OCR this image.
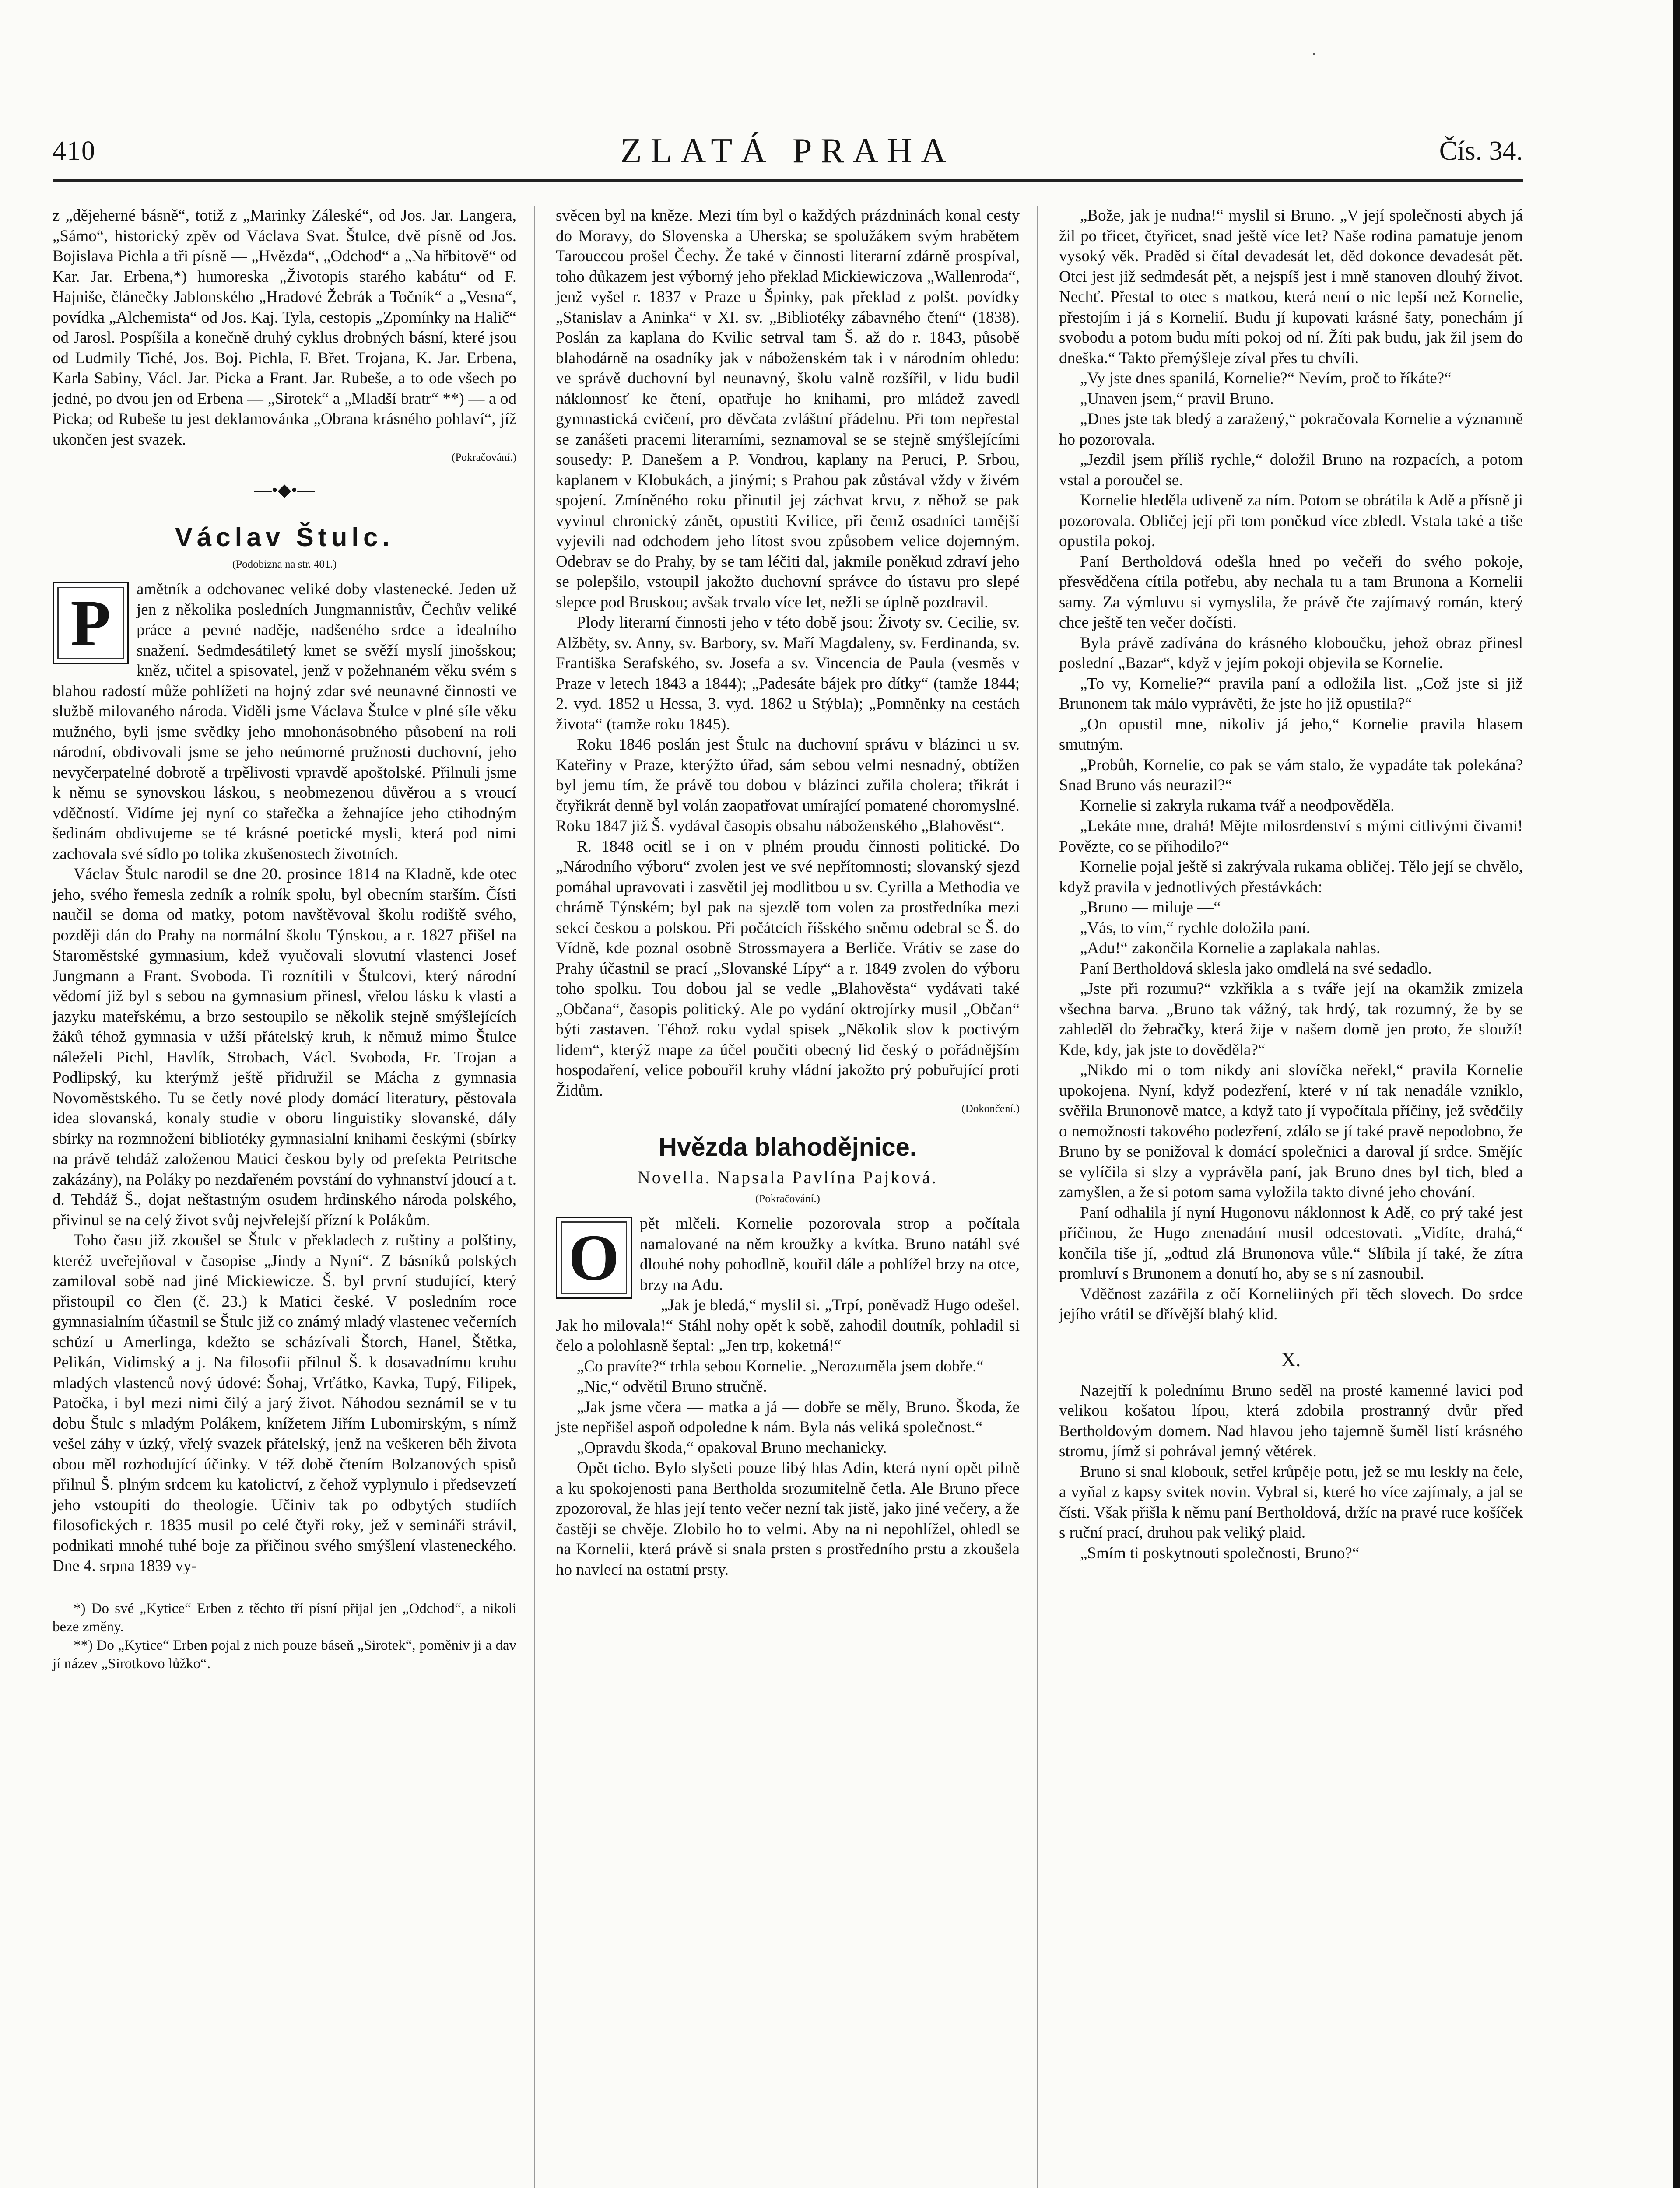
410	ZLATÁ PRAHA	Čís. 34.

z „dějeherné básně“, totiž z „Marinky Záleské“, od Jos. Jar. Langera, „Sámo“, historický zpěv od Václava Svat. Štulce, dvě písně od Jos. Bojislava Pichla a tři písně — „Hvězda“, „Odchod“ a „Na hřbitově“ od Kar. Jar. Erbena,*) humoreska „Životopis starého kabátu“ od F. Hajniše, článečky Jablonského „Hradové Žebrák a Točník“ a „Vesna“, povídka „Alchemista“ od Jos. Kaj. Tyla, cestopis „Zpomínky na Halič“ od Jarosl. Pospíšila a konečně druhý cyklus drobných básní, které jsou od Ludmily Tiché, Jos. Boj. Pichla, F. Břet. Trojana, K. Jar. Erbena, Karla Sabiny, Václ. Jar. Picka a Frant. Jar. Rubeše, a to ode všech po jedné, po dvou jen od Erbena — „Sirotek“ a „Mladší bratr“ **) — a od Picka; od Rubeše tu jest deklamovánka „Obrana krásného pohlaví“, jíž ukončen jest svazek.

(Pokračování.)
—•◆•—
Václav Štulc.
(Podobizna na str. 401.)
P	amětník a odchovanec veliké doby vlastenecké. Jeden už jen z několika posledních Jungmannistův, Čechův veliké práce a pevné naděje, nadšeného srdce a idealního snažení. Sedmdesátiletý kmet se svěží myslí jinošskou; kněz, učitel a spisovatel, jenž v požehnaném věku svém s blahou radostí může pohlížeti na hojný zdar své neunavné činnosti ve službě milovaného národa. Viděli jsme Václava Štulce v plné síle věku mužného, byli jsme svědky jeho mnohonásobného působení na roli národní, obdivovali jsme se jeho neúmorné pružnosti duchovní, jeho nevyčerpatelné dobrotě a trpělivosti vpravdě apoštolské. Přilnuli jsme k němu se synovskou láskou, s neobmezenou důvěrou a s vroucí vděčností. Vidíme jej nyní co stařečka a žehnajíce jeho ctihodným šedinám obdivujeme se té krásné poetické mysli, která pod nimi zachovala své sídlo po tolika zkušenostech životních.

Václav Štulc narodil se dne 20. prosince 1814 na Kladně, kde otec jeho, svého řemesla zedník a rolník spolu, byl obecním starším. Čísti naučil se doma od matky, potom navštěvoval školu rodiště svého, později dán do Prahy na normální školu Týnskou, a r. 1827 přišel na Staroměstské gymnasium, kdež vyučovali slovutní vlastenci Josef Jungmann a Frant. Svoboda. Ti roznítili v Štulcovi, který národní vědomí již byl s sebou na gymnasium přinesl, vřelou lásku k vlasti a jazyku mateřskému, a brzo sestoupilo se několik stejně smýšlejících žáků téhož gymnasia v užší přátelský kruh, k němuž mimo Štulce náleželi Pichl, Havlík, Strobach, Václ. Svoboda, Fr. Trojan a Podlipský, ku kterýmž ještě přidružil se Mácha z gymnasia Novoměstského. Tu se četly nové plody domácí literatury, pěstovala idea slovanská, konaly studie v oboru linguistiky slovanské, dály sbírky na rozmnožení bibliotéky gymnasialní knihami českými (sbírky na právě tehdáž založenou Matici českou byly od prefekta Petritsche zakázány), na Poláky po nezdařeném povstání do vyhnanství jdoucí a t. d. Tehdáž Š., dojat neštastným osudem hrdinského národa polského, přivinul se na celý život svůj nejvřelejší přízní k Polákům.

Toho času již zkoušel se Štulc v překladech z ruštiny a polštiny, kteréž uveřejňoval v časopise „Jindy a Nyní“. Z básníků polských zamiloval sobě nad jiné Mickiewicze. Š. byl první studující, který přistoupil co člen (č. 23.) k Matici české. V posledním roce gymnasialním účastnil se Štulc již co známý mladý vlastenec večerních schůzí u Amerlinga, kdežto se scházívali Štorch, Hanel, Štětka, Pelikán, Vidimský a j. Na filosofii přilnul Š. k dosavadnímu kruhu mladých vlastenců nový údové: Šohaj, Vrťátko, Kavka, Tupý, Filipek, Patočka, i byl mezi nimi čilý a jarý život. Náhodou seznámil se v tu dobu Štulc s mladým Polákem, knížetem Jiřím Lubomirským, s nímž vešel záhy v úzký, vřelý svazek přátelský, jenž na veškeren běh života obou měl rozhodující účinky. V též době čtením Bolzanových spisů přilnul Š. plným srdcem ku katolictví, z čehož vyplynulo i předsevzetí jeho vstoupiti do theologie. Učiniv tak po odbytých studiích filosofických r. 1835 musil po celé čtyři roky, jež v semináři strávil, podnikati mnohé tuhé boje za přičinou svého smýšlení vlasteneckého. Dne 4. srpna 1839 vy-

*) Do své „Kytice“ Erben z těchto tří písní přijal jen „Odchod“, a nikoli beze změny.

**) Do „Kytice“ Erben pojal z nich pouze báseň „Sirotek“, poměniv ji a dav jí název „Sirotkovo lůžko“.

svěcen byl na kněze. Mezi tím byl o každých prázdninách konal cesty do Moravy, do Slovenska a Uherska; se spolužákem svým hrabětem Tarouccou prošel Čechy. Že také v činnosti literarní zdárně prospíval, toho důkazem jest výborný jeho překlad Mickiewiczova „Wallenroda“, jenž vyšel r. 1837 v Praze u Špinky, pak překlad z polšt. povídky „Stanislav a Aninka“ v XI. sv. „Bibliotéky zábavného čtení“ (1838). Poslán za kaplana do Kvilic setrval tam Š. až do r. 1843, působě blahodárně na osadníky jak v náboženském tak i v národním ohledu: ve správě duchovní byl neunavný, školu valně rozšířil, v lidu budil náklonnosť ke čtení, opatřuje ho knihami, pro mládež zavedl gymnastická cvičení, pro děvčata zvláštní přádelnu. Při tom nepřestal se zanášeti pracemi literarními, seznamoval se se stejně smýšlejícími sousedy: P. Danešem a P. Vondrou, kaplany na Peruci, P. Srbou, kaplanem v Klobukách, a jinými; s Prahou pak zůstával vždy v živém spojení. Zmíněného roku přinutil jej záchvat krvu, z něhož se pak vyvinul chronický zánět, opustiti Kvilice, při čemž osadníci tamější vyjevili nad odchodem jeho lítost svou způsobem velice dojemným. Odebrav se do Prahy, by se tam léčiti dal, jakmile poněkud zdraví jeho se polepšilo, vstoupil jakožto duchovní správce do ústavu pro slepé slepce pod Bruskou; avšak trvalo více let, nežli se úplně pozdravil.

Plody literarní činnosti jeho v této době jsou: Životy sv. Cecilie, sv. Alžběty, sv. Anny, sv. Barbory, sv. Maří Magdaleny, sv. Ferdinanda, sv. Františka Serafského, sv. Josefa a sv. Vincencia de Paula (vesměs v Praze v letech 1843 a 1844); „Padesáte bájek pro dítky“ (tamže 1844; 2. vyd. 1852 u Hessa, 3. vyd. 1862 u Stýbla); „Pomněnky na cestách života“ (tamže roku 1845).

Roku 1846 poslán jest Štulc na duchovní správu v blázinci u sv. Kateřiny v Praze, kterýžto úřad, sám sebou velmi nesnadný, obtížen byl jemu tím, že právě tou dobou v blázinci zuřila cholera; třikrát i čtyřikrát denně byl volán zaopatřovat umírající pomatené choromyslné. Roku 1847 již Š. vydával časopis obsahu náboženského „Blahověst“.

R. 1848 ocitl se i on v plném proudu činnosti politické. Do „Národního výboru“ zvolen jest ve své nepřítomnosti; slovanský sjezd pomáhal upravovati i zasvětil jej modlitbou u sv. Cyrilla a Methodia ve chrámě Týnském; byl pak na sjezdě tom volen za prostředníka mezi sekcí českou a polskou. Při počátcích říšského sněmu odebral se Š. do Vídně, kde poznal osobně Strossmayera a Berliče. Vrátiv se zase do Prahy účastnil se prací „Slovanské Lípy“ a r. 1849 zvolen do výboru toho spolku. Tou dobou jal se vedle „Blahověsta“ vydávati také „Občana“, časopis politický. Ale po vydání oktrojírky musil „Občan“ býti zastaven. Téhož roku vydal spisek „Několik slov k poctivým lidem“, kterýž mape za účel poučiti obecný lid český o pořádnějším hospodaření, velice pobouřil kruhy vládní jakožto prý pobuřující proti Židům.

(Dokončení.)
Hvězda blahodějnice.
Novella. Napsala Pavlína Pajková.
(Pokračování.)
O	pět mlčeli. Kornelie pozorovala strop a počítala namalované na něm kroužky a kvítka. Bruno natáhl své dlouhé nohy pohodlně, kouřil dále a pohlížel brzy na otce, brzy na Adu.

„Jak je bledá,“ myslil si. „Trpí, poněvadž Hugo odešel. Jak ho milovala!“ Stáhl nohy opět k sobě, zahodil doutník, pohladil si čelo a polohlasně šeptal: „Jen trp, koketná!“

„Co pravíte?“ trhla sebou Kornelie. „Nerozuměla jsem dobře.“

„Nic,“ odvětil Bruno stručně.

„Jak jsme včera — matka a já — dobře se měly, Bruno. Škoda, že jste nepřišel aspoň odpoledne k nám. Byla nás veliká společnost.“

„Opravdu škoda,“ opakoval Bruno mechanicky.

Opět ticho. Bylo slyšeti pouze libý hlas Adin, která nyní opět pilně a ku spokojenosti pana Bertholda srozumitelně četla. Ale Bruno přece zpozoroval, že hlas její tento večer nezní tak jistě, jako jiné večery, a že častěji se chvěje. Zlobilo ho to velmi. Aby na ni nepohlížel, ohledl se na Kornelii, která právě si snala prsten s prostředního prstu a zkoušela ho navlecí na ostatní prsty.

„Bože, jak je nudna!“ myslil si Bruno. „V její společnosti abych já žil po třicet, čtyřicet, snad ještě více let? Naše rodina pamatuje jenom vysoký věk. Praděd si čítal devadesát let, děd dokonce devadesát pět. Otci jest již sedmdesát pět, a nejspíš jest i mně stanoven dlouhý život. Nechť. Přestal to otec s matkou, která není o nic lepší než Kornelie, přestojím i já s Kornelií. Budu jí kupovati krásné šaty, ponechám jí svobodu a potom budu míti pokoj od ní. Žíti pak budu, jak žil jsem do dneška.“ Takto přemýšleje zíval přes tu chvíli.

„Vy jste dnes spanilá, Kornelie?“ Nevím, proč to říkáte?“

„Unaven jsem,“ pravil Bruno.

„Dnes jste tak bledý a zaražený,“ pokračovala Kornelie a významně ho pozorovala.

„Jezdil jsem příliš rychle,“ doložil Bruno na rozpacích, a potom vstal a poroučel se.

Kornelie hleděla udiveně za ním. Potom se obrátila k Adě a přísně ji pozorovala. Obličej její při tom poněkud více zbledl. Vstala také a tiše opustila pokoj.

Paní Bertholdová odešla hned po večeři do svého pokoje, přesvědčena cítila potřebu, aby nechala tu a tam Brunona a Kornelii samy. Za výmluvu si vymyslila, že právě čte zajímavý román, který chce ještě ten večer dočísti.

Byla právě zadívána do krásného kloboučku, jehož obraz přinesl poslední „Bazar“, když v jejím pokoji objevila se Kornelie.

„To vy, Kornelie?“ pravila paní a odložila list. „Což jste si již Brunonem tak málo vyprávěti, že jste ho již opustila?“

„On opustil mne, nikoliv já jeho,“ Kornelie pravila hlasem smutným.

„Probůh, Kornelie, co pak se vám stalo, že vypadáte tak polekána? Snad Bruno vás neurazil?“

Kornelie si zakryla rukama tvář a neodpověděla.

„Lekáte mne, drahá! Mějte milosrdenství s mými citlivými čivami! Povězte, co se přihodilo?“

Kornelie pojal ještě si zakrývala rukama obličej. Tělo její se chvělo, když pravila v jednotlivých přestávkách:

„Bruno — miluje —“

„Vás, to vím,“ rychle doložila paní.

„Adu!“ zakončila Kornelie a zaplakala nahlas.

Paní Bertholdová sklesla jako omdlelá na své sedadlo.

„Jste při rozumu?“ vzkřikla a s tváře její na okamžik zmizela všechna barva. „Bruno tak vážný, tak hrdý, tak rozumný, že by se zahleděl do žebračky, která žije v našem domě jen proto, že slouží! Kde, kdy, jak jste to dověděla?“

„Nikdo mi o tom nikdy ani slovíčka neřekl,“ pravila Kornelie upokojena. Nyní, když podezření, které v ní tak nenadále vzniklo, svěřila Brunonově matce, a když tato jí vypočítala příčiny, jež svědčily o nemožnosti takového podezření, zdálo se jí také pravě nepodobno, že Bruno by se ponižoval k domácí společnici a daroval jí srdce. Smějíc se vylíčila si slzy a vyprávěla paní, jak Bruno dnes byl tich, bled a zamyšlen, a že si potom sama vyložila takto divné jeho chování.

Paní odhalila jí nyní Hugonovu náklonnost k Adě, co prý také jest příčinou, že Hugo znenadání musil odcestovati. „Vidíte, drahá,“ končila tiše jí, „odtud zlá Brunonova vůle.“ Slíbila jí také, že zítra promluví s Brunonem a donutí ho, aby se s ní zasnoubil.

Vděčnost zazářila z očí Korneliiných při těch slovech. Do srdce jejího vrátil se dřívější blahý klid.

X.

Nazejtří k polednímu Bruno seděl na prosté kamenné lavici pod velikou košatou lípou, která zdobila prostranný dvůr před Bertholdovým domem. Nad hlavou jeho tajemně šuměl listí krásného stromu, jímž si pohrával jemný větérek.

Bruno si snal klobouk, setřel krůpěje potu, jež se mu leskly na čele, a vyňal z kapsy svitek novin. Vybral si, které ho více zajímaly, a jal se čísti. Však přišla k němu paní Bertholdová, držíc na pravé ruce košíček s ruční prací, druhou pak veliký plaid.

„Smím ti poskytnouti společnosti, Bruno?“
